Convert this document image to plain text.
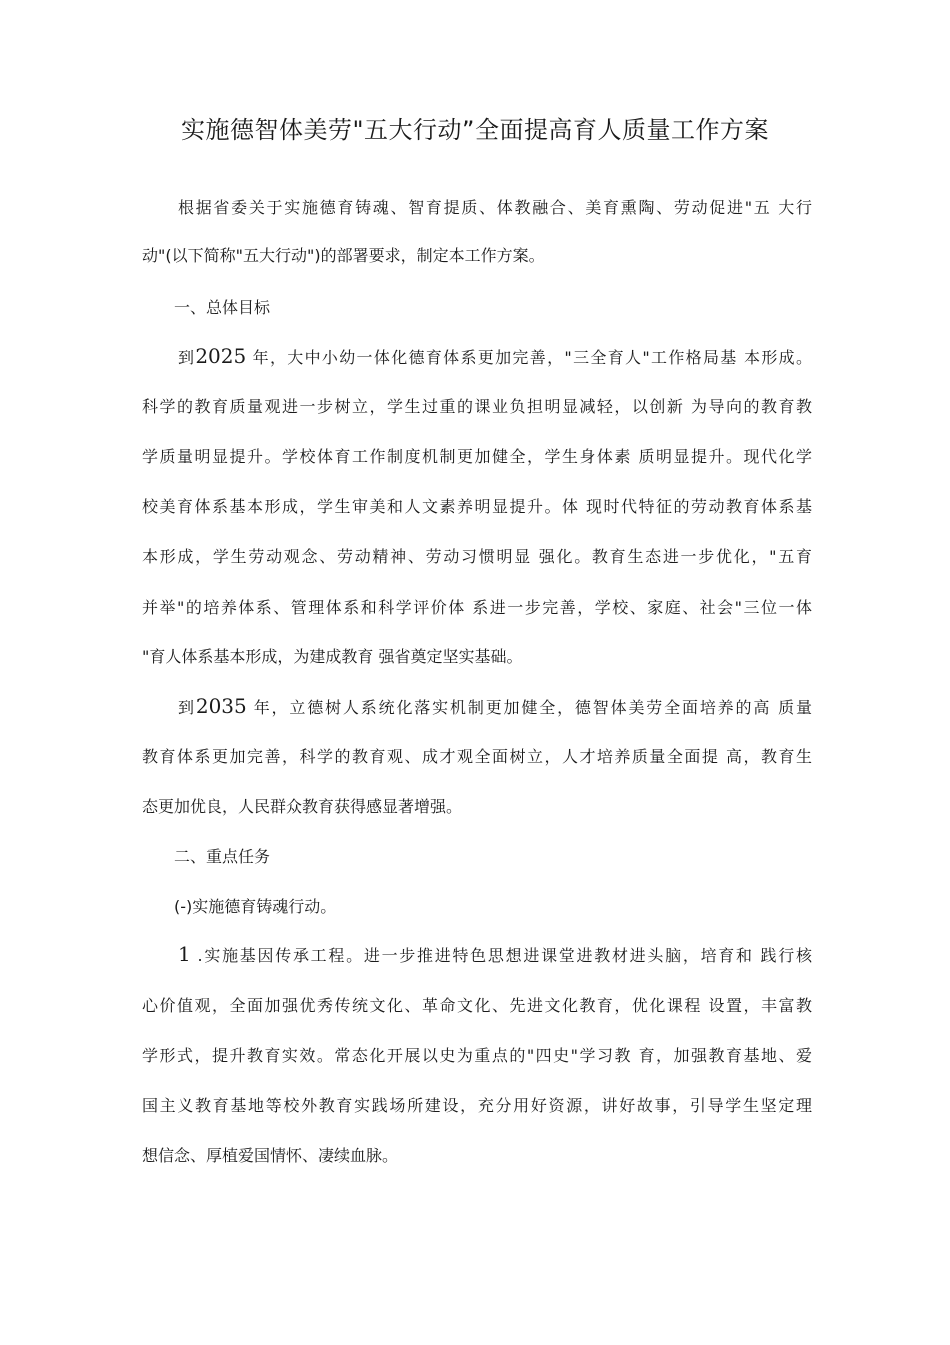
实施德智体美劳"五大行动”全面提高育人质量工作方案
根据省委关于实施德育铸魂、智育提质、体教融合、美育熏陶、劳动促进"五 大行
动"(以下简称"五大行动")的部署要求，制定本工作方案。
一、总体目标
到2025 年，大中小幼一体化德育体系更加完善，"三全育人"工作格局基 本形成。
科学的教育质量观进一步树立，学生过重的课业负担明显减轻，以创新 为导向的教育教
学质量明显提升。学校体育工作制度机制更加健全，学生身体素 质明显提升。现代化学
校美育体系基本形成，学生审美和人文素养明显提升。体 现时代特征的劳动教育体系基
本形成，学生劳动观念、劳动精神、劳动习惯明显 强化。教育生态进一步优化，"五育
并举"的培养体系、管理体系和科学评价体 系进一步完善，学校、家庭、社会"三位一体
"育人体系基本形成，为建成教育 强省奠定坚实基础。
到2035 年，立德树人系统化落实机制更加健全，德智体美劳全面培养的高 质量
教育体系更加完善，科学的教育观、成才观全面树立，人才培养质量全面提 高，教育生
态更加优良，人民群众教育获得感显著增强。
二、重点任务
(-)实施德育铸魂行动。
1 .实施基因传承工程。进一步推进特色思想进课堂进教材进头脑，培育和 践行核
心价值观，全面加强优秀传统文化、革命文化、先进文化教育，优化课程 设置，丰富教
学形式，提升教育实效。常态化开展以史为重点的"四史"学习教 育，加强教育基地、爱
国主义教育基地等校外教育实践场所建设，充分用好资源，讲好故事，引导学生坚定理
想信念、厚植爱国情怀、凄续血脉。
